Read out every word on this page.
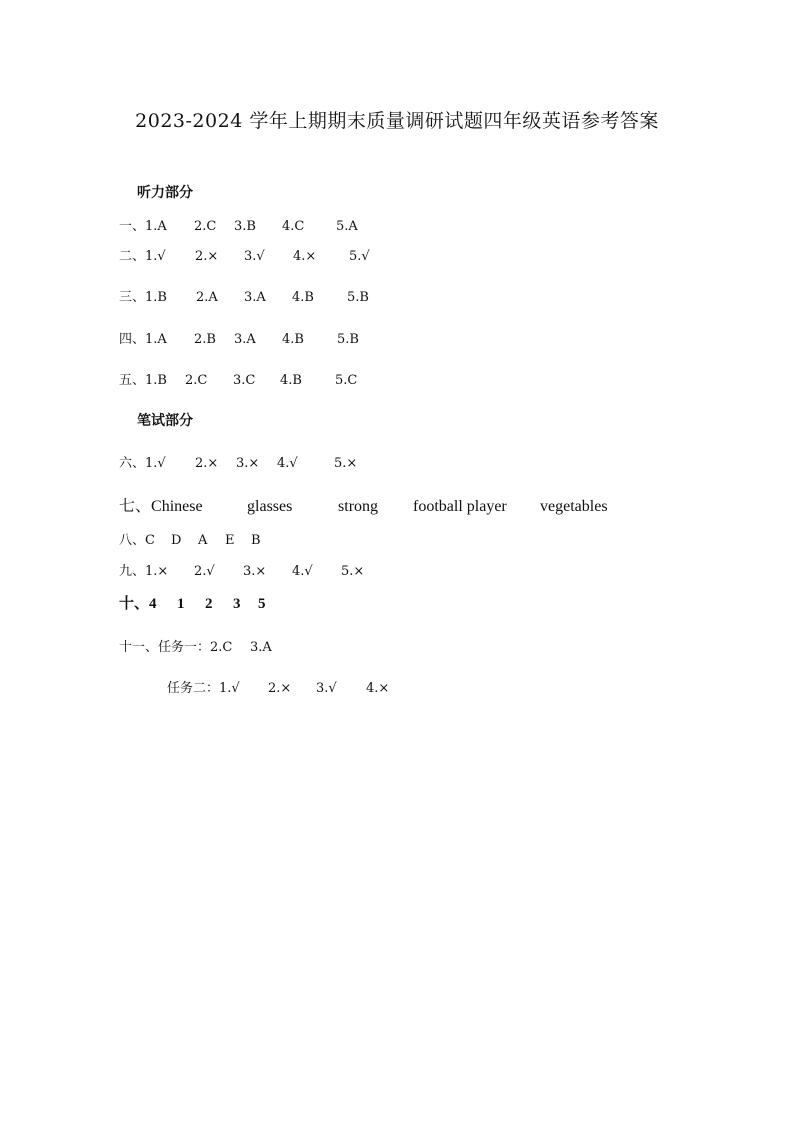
2023-2024 学年上期期末质量调研试题四年级英语参考答案
听力部分
一、 1.A	2.C	3.B	4.C	5.A
二、 1.√	2.×	3.√	4.×	5.√
三、 1.B	2.A	3.A	4.B	5.B
四、 1.A	2.B	3.A	4.B	5.B
五、 1.B	2.C	3.C	4.B	5.C
笔试部分
六、 1.√	2.×	3.×	4.√	5.×
七、 Chinese	glasses	strong	football player	vegetables
八、 C	D	A	E	B
九、 1.×	2.√	3.×	4.√	5.×
十、 4	1	2	3	5
十一、 任务一： 2.C	3.A
任务二： 1.√	2.×	3.√	4.×
